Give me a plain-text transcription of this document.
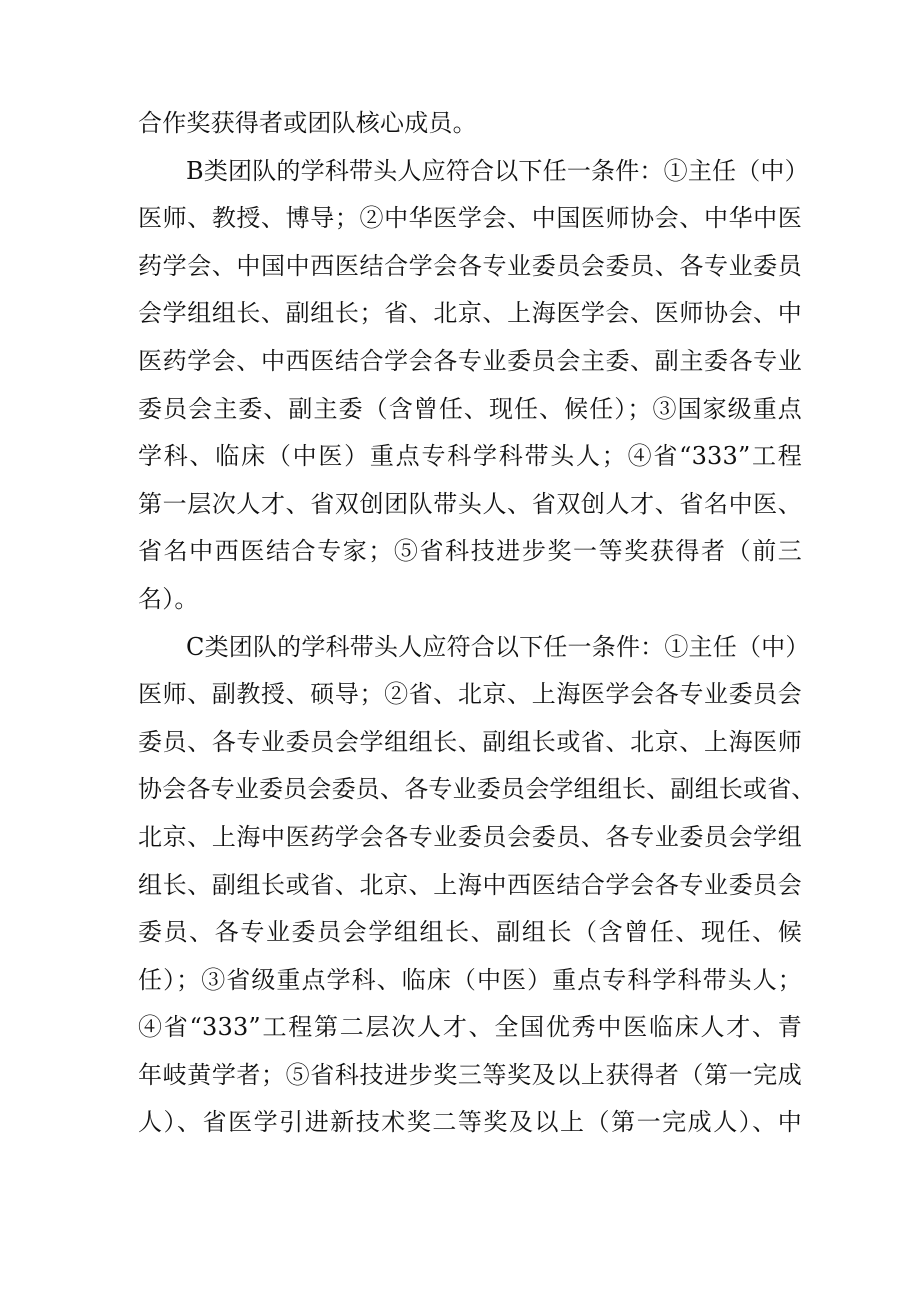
合作奖获得者或团队核心成员。
B类团队的学科带头人应符合以下任一条件：①主任（中）
医师、教授、博导；②中华医学会、中国医师协会、中华中医
药学会、中国中西医结合学会各专业委员会委员、各专业委员
会学组组长、副组长；省、北京、上海医学会、医师协会、中
医药学会、中西医结合学会各专业委员会主委、副主委各专业
委员会主委、副主委（含曾任、现任、候任）；③国家级重点
学科、临床（中医）重点专科学科带头人；④省“333”工程
第一层次人才、省双创团队带头人、省双创人才、省名中医、
省名中西医结合专家；⑤省科技进步奖一等奖获得者（前三
名）。
C类团队的学科带头人应符合以下任一条件：①主任（中）
医师、副教授、硕导；②省、北京、上海医学会各专业委员会
委员、各专业委员会学组组长、副组长或省、北京、上海医师
协会各专业委员会委员、各专业委员会学组组长、副组长或省、
北京、上海中医药学会各专业委员会委员、各专业委员会学组
组长、副组长或省、北京、上海中西医结合学会各专业委员会
委员、各专业委员会学组组长、副组长（含曾任、现任、候
任）；③省级重点学科、临床（中医）重点专科学科带头人；
④省“333”工程第二层次人才、全国优秀中医临床人才、青
年岐黄学者；⑤省科技进步奖三等奖及以上获得者（第一完成
人）、省医学引进新技术奖二等奖及以上（第一完成人）、中
